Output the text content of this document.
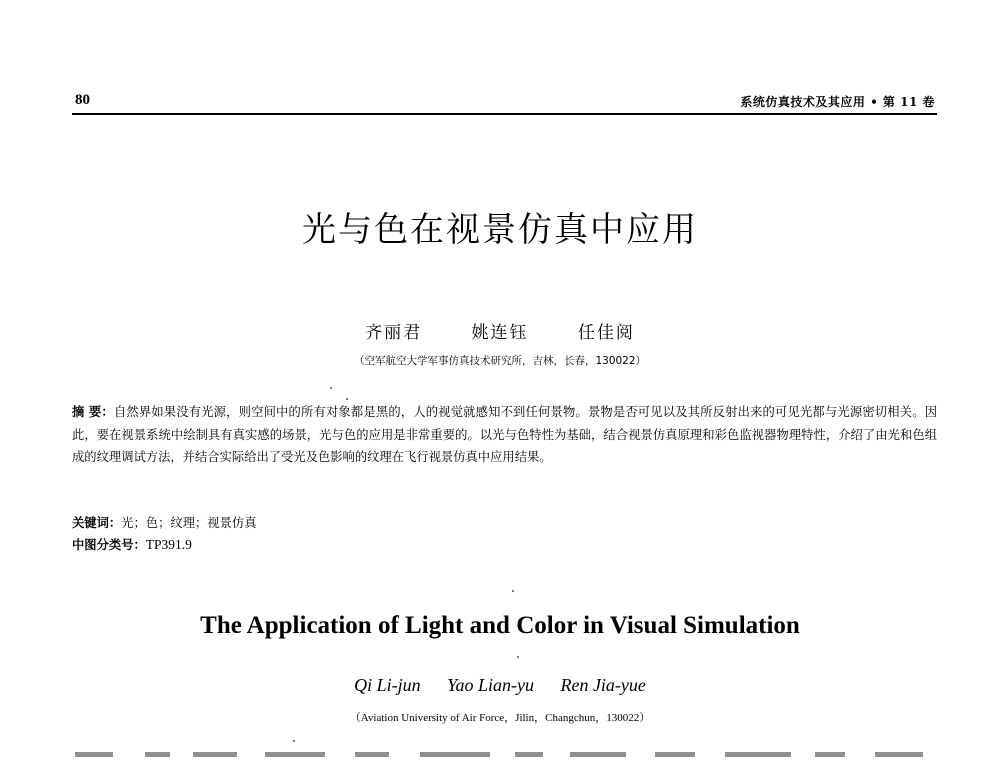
80	系统仿真技术及其应用 • 第 11 卷
光与色在视景仿真中应用
齐丽君	姚连钰	任佳阅
（空军航空大学军事仿真技术研究所，吉林，长春，130022）
摘 要：自然界如果没有光源，则空间中的所有对象都是黑的，人的视觉就感知不到任何景物。景物是否可见以及其所反射出来的可见光都与光源密切相关。因此，要在视景系统中绘制具有真实感的场景，光与色的应用是非常重要的。以光与色特性为基础，结合视景仿真原理和彩色监视器物理特性，介绍了由光和色组成的纹理调试方法，并结合实际给出了受光及色影响的纹理在飞行视景仿真中应用结果。
关键词：光；色；纹理；视景仿真
中图分类号：TP391.9
The Application of Light and Color in Visual Simulation
Qi Li-jun Yao Lian-yu Ren Jia-yue
（Aviation University of Air Force，Jilin，Changchun，130022）
